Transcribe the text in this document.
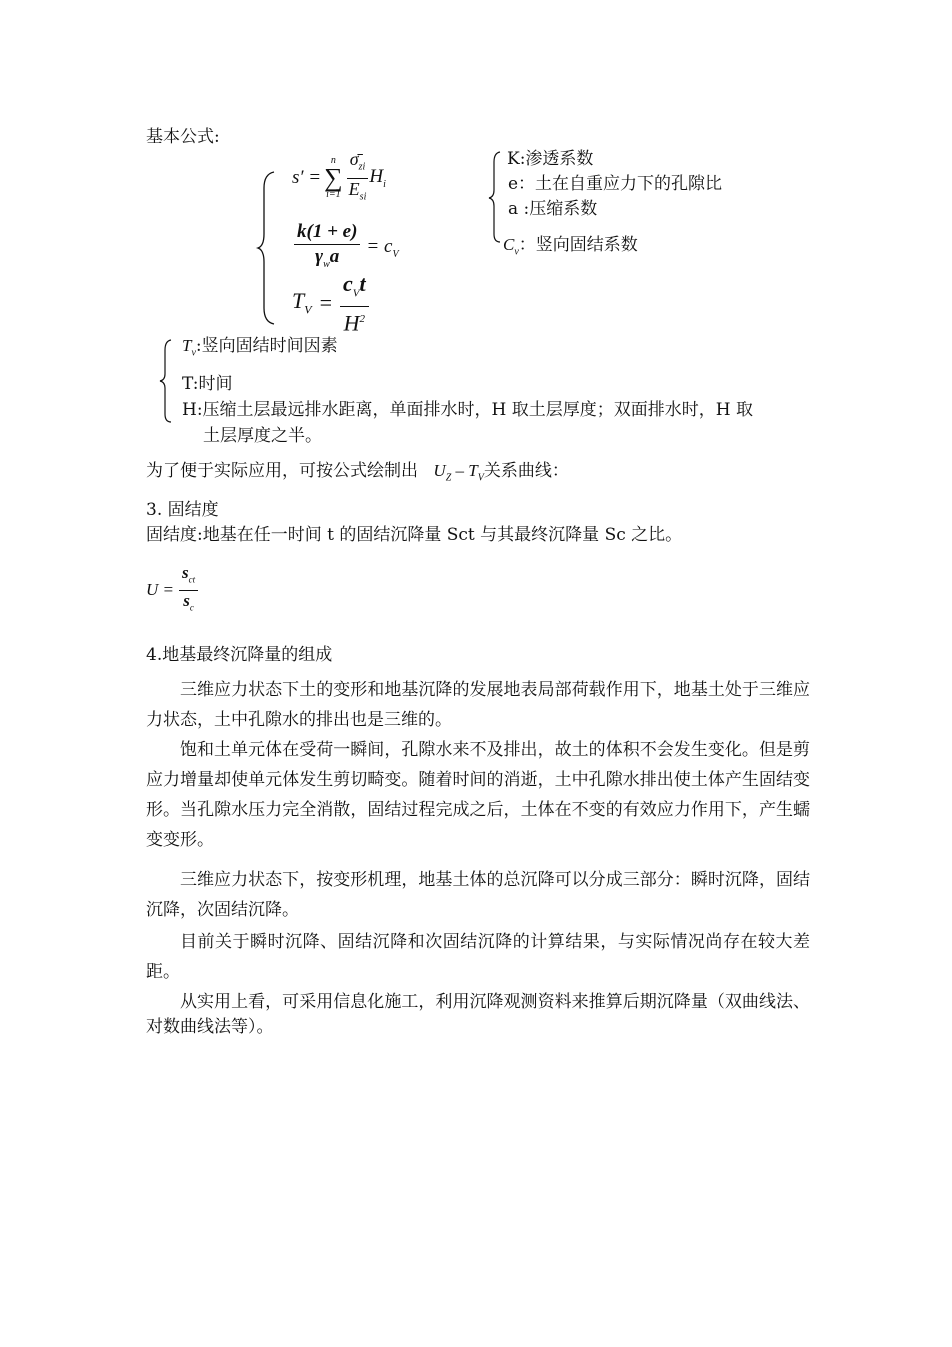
基本公式:
s′ =
n
∑
$i=1 \frac{\sigmā_{zi}}{E_{si}} H_i$
$\frac{k(1 + e)}{\gamma_wa} = c_V$
$T_V = \frac{c_Vt}{H^2}$
K:渗透系数
e：土在自重应力下的孔隙比
a :压缩系数
$C_v$：竖向固结系数
$T_v$:竖向固结时间因素
T:时间
H:压缩土层最远排水距离，单面排水时，H 取土层厚度；双面排水时，H 取
土层厚度之半。
为了便于实际应用，可按公式绘制出 $U_Z - T_V$关系曲线：
3. 固结度
固结度:地基在任一时间 t 的固结沉降量 Sct 与其最终沉降量 Sc 之比。
$U = \frac{s_{ct}}{s_c}$
4.地基最终沉降量的组成
三维应力状态下土的变形和地基沉降的发展地表局部荷载作用下，地基土处于三维应力状态，土中孔隙水的排出也是三维的。
饱和土单元体在受荷一瞬间，孔隙水来不及排出，故土的体积不会发生变化。但是剪应力增量却使单元体发生剪切畸变。随着时间的消逝，土中孔隙水排出使土体产生固结变形。当孔隙水压力完全消散，固结过程完成之后，土体在不变的有效应力作用下，产生蠕变变形。
三维应力状态下，按变形机理，地基土体的总沉降可以分成三部分：瞬时沉降，固结沉降，次固结沉降。
目前关于瞬时沉降、固结沉降和次固结沉降的计算结果，与实际情况尚存在较大差距。
从实用上看，可采用信息化施工，利用沉降观测资料来推算后期沉降量（双曲线法、对数曲线法等）。
